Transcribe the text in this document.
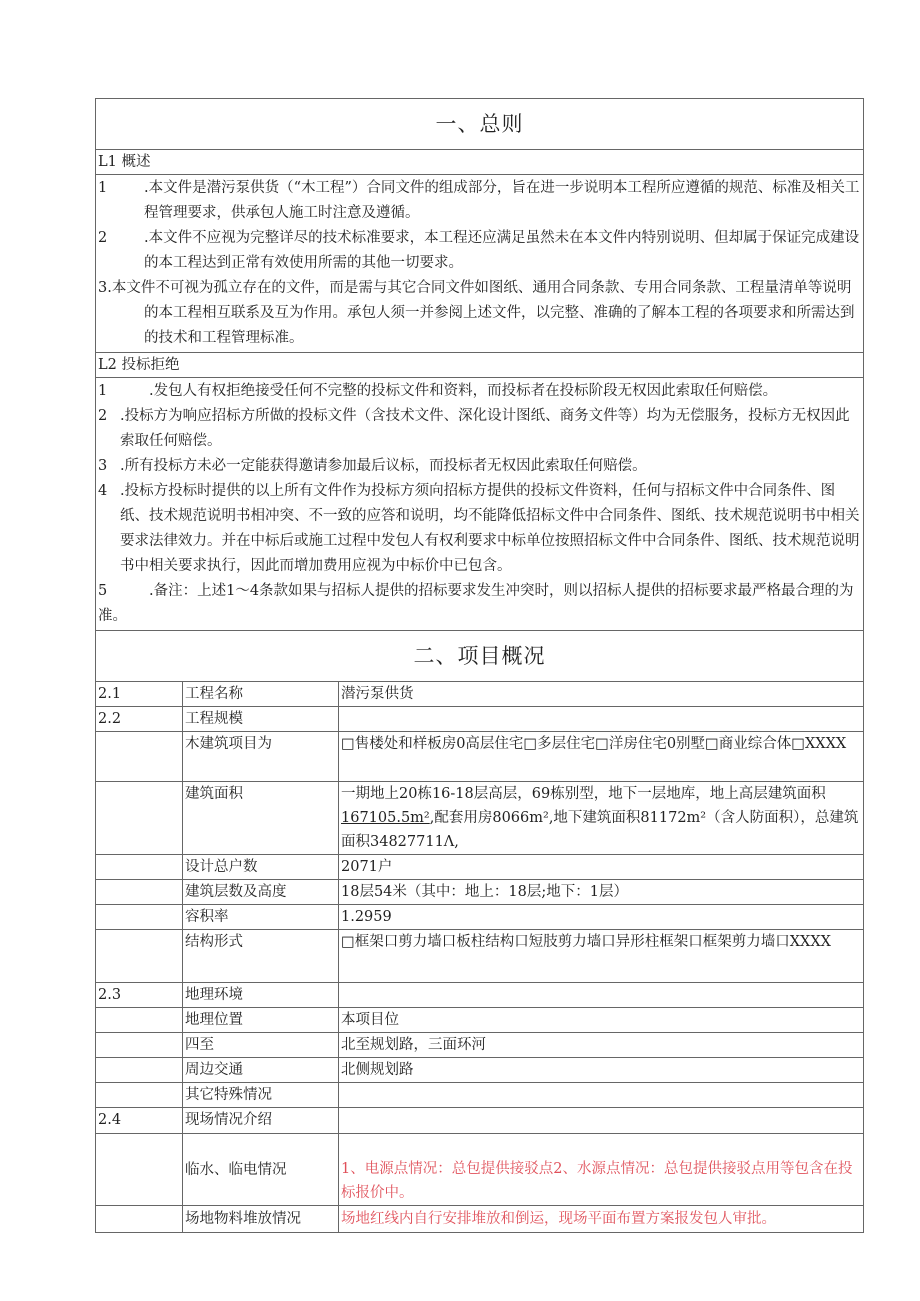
一、总则		
L1 概述		

1 .本文件是潜污泵供货（“木工程”）合同文件的组成部分，旨在进一步说明本工程所应遵循的规范、标准及相关工程管理要求，供承包人施工时注意及遵循。
2 .本文件不应视为完整详尽的技术标准要求，本工程还应满足虽然未在本文件内特别说明、但却属于保证完成建设的本工程达到正常有效使用所需的其他一切要求。
3.本文件不可视为孤立存在的文件，而是需与其它合同文件如图纸、通用合同条款、专用合同条款、工程量清单等说明的本工程相互联系及互为作用。承包人须一并参阅上述文件，以完整、准确的了解本工程的各项要求和所需达到的技术和工程管理标准。		

L2 投标拒绝		

1　　.发包人有权拒绝接受任何不完整的投标文件和资料，而投标者在投标阶段无权因此索取任何赔偿。
2 .投标方为响应招标方所做的投标文件（含技术文件、深化设计图纸、商务文件等）均为无偿服务，投标方无权因此索取任何赔偿。
3 .所有投标方未必一定能获得邀请参加最后议标，而投标者无权因此索取任何赔偿。
4 .投标方投标时提供的以上所有文件作为投标方须向招标方提供的投标文件资料，任何与招标文件中合同条件、图纸、技术规范说明书相冲突、不一致的应答和说明，均不能降低招标文件中合同条件、图纸、技术规范说明书中相关要求法律效力。并在中标后或施工过程中发包人有权利要求中标单位按照招标文件中合同条件、图纸、技术规范说明书中相关要求执行，因此而增加费用应视为中标价中已包含。
5　　.备注：上述1～4条款如果与招标人提供的招标要求发生冲突时，则以招标人提供的招标要求最严格最合理的为准。		

二、项目概况		
2.1	工程名称	潜污泵供货
2.2	工程规模	
	木建筑项目为	□售楼处和样板房0高层住宅□多层住宅□洋房住宅0别墅□商业综合体□XXXX
	建筑面积	一期地上20栋16-18层高层，69栋别型，地下一层地库，地上高层建筑面积167105.5m²,配套用房8066m²,地下建筑面积81172m²（含人防面积），总建筑面积34827711Λ,
	设计总户数	2071户
	建筑层数及高度	18层54米（其中：地上：18层;地下：1层）
	容积率	1.2959
	结构形式	□框架口剪力墙口板柱结构口短肢剪力墙口异形柱框架口框架剪力墙口XXXX
2.3	地理环境	
	地理位置	本项目位
	四至	北至规划路，三面环河
	周边交通	北侧规划路
	其它特殊情况	
2.4	现场情况介绍	
	临水、临电情况	1、电源点情况：总包提供接驳点2、水源点情况：总包提供接驳点用等包含在投标报价中。
	场地物料堆放情况	场地红线内自行安排堆放和倒运，现场平面布置方案报发包人审批。
